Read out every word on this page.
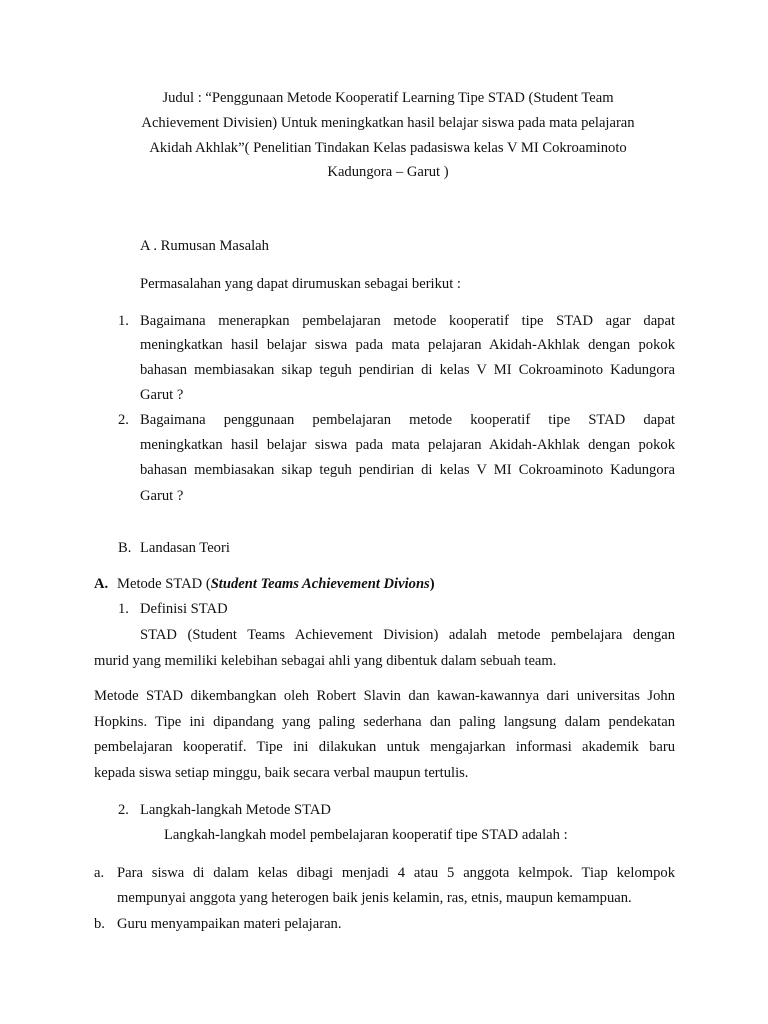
Judul : “Penggunaan Metode Kooperatif Learning Tipe STAD (Student Team
Achievement Divisien) Untuk meningkatkan hasil belajar siswa pada mata pelajaran
Akidah Akhlak”( Penelitian Tindakan Kelas padasiswa kelas V MI Cokroaminoto
Kadungora – Garut )
A . Rumusan Masalah
Permasalahan yang dapat dirumuskan sebagai berikut :
1. Bagaimana menerapkan pembelajaran metode kooperatif tipe STAD agar dapat
meningkatkan hasil belajar siswa pada mata pelajaran Akidah-Akhlak dengan pokok
bahasan membiasakan sikap teguh pendirian di kelas V MI Cokroaminoto Kadungora
Garut ?
2. Bagaimana penggunaan pembelajaran metode kooperatif tipe STAD dapat
meningkatkan hasil belajar siswa pada mata pelajaran Akidah-Akhlak dengan pokok
bahasan membiasakan sikap teguh pendirian di kelas V MI Cokroaminoto Kadungora
Garut ?
B. Landasan Teori
A. Metode STAD (Student Teams Achievement Divions)
1. Definisi STAD
STAD (Student Teams Achievement Division) adalah metode pembelajara dengan
murid yang memiliki kelebihan sebagai ahli yang dibentuk dalam sebuah team.
Metode STAD dikembangkan oleh Robert Slavin dan kawan-kawannya dari universitas John
Hopkins. Tipe ini dipandang yang paling sederhana dan paling langsung dalam pendekatan
pembelajaran kooperatif. Tipe ini dilakukan untuk mengajarkan informasi akademik baru
kepada siswa setiap minggu, baik secara verbal maupun tertulis.
2. Langkah-langkah Metode STAD
Langkah-langkah model pembelajaran kooperatif tipe STAD adalah :
a. Para siswa di dalam kelas dibagi menjadi 4 atau 5 anggota kelmpok. Tiap kelompok
mempunyai anggota yang heterogen baik jenis kelamin, ras, etnis, maupun kemampuan.
b. Guru menyampaikan materi pelajaran.
